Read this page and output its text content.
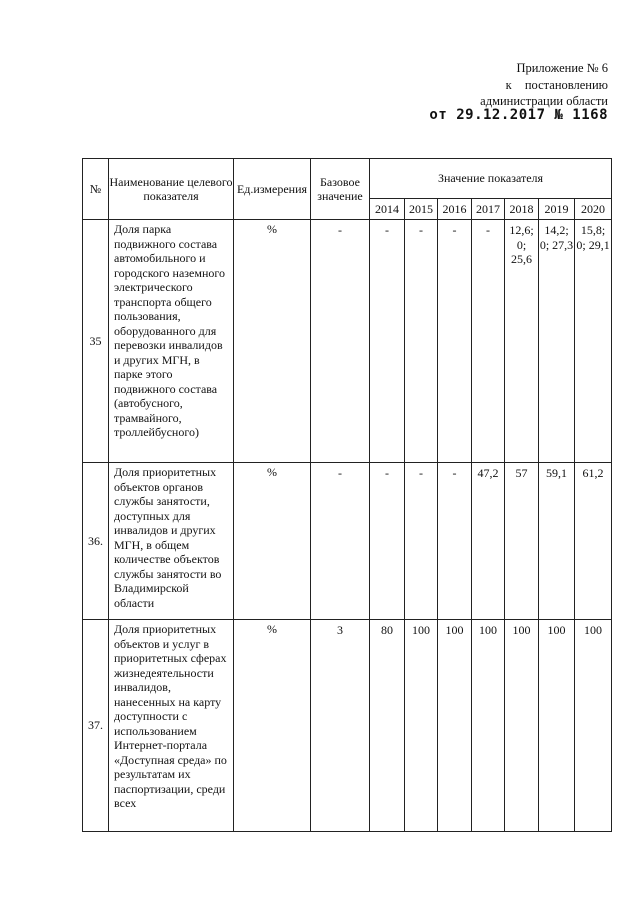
Приложение № 6
к постановлению
администрации области
от 29.12.2017 № 1168
№	Наименование целевого показателя	Ед.измерения	Базовое значение	Значение показателя						
				2014	2015	2016	2017	2018	2019	2020
35	Доля парка подвижного состава автомобильного и городского наземного электрического транспорта общего пользования, оборудованного для перевозки инвалидов и других МГН, в парке этого подвижного состава (автобусного, трамвайного, троллейбусного)	%	-	-	-	-	-	12,6; 0; 25,6	14,2; 0; 27,3	15,8; 0; 29,1
36.	Доля приоритетных объектов органов службы занятости, доступных для инвалидов и других МГН, в общем количестве объектов службы занятости во Владимирской области	%	-	-	-	-	47,2	57	59,1	61,2
37.	Доля приоритетных объектов и услуг в приоритетных сферах жизнедеятельности инвалидов, нанесенных на карту доступности с использованием Интернет-портала «Доступная среда» по результатам их паспортизации, среди всех	%	3	80	100	100	100	100	100	100
